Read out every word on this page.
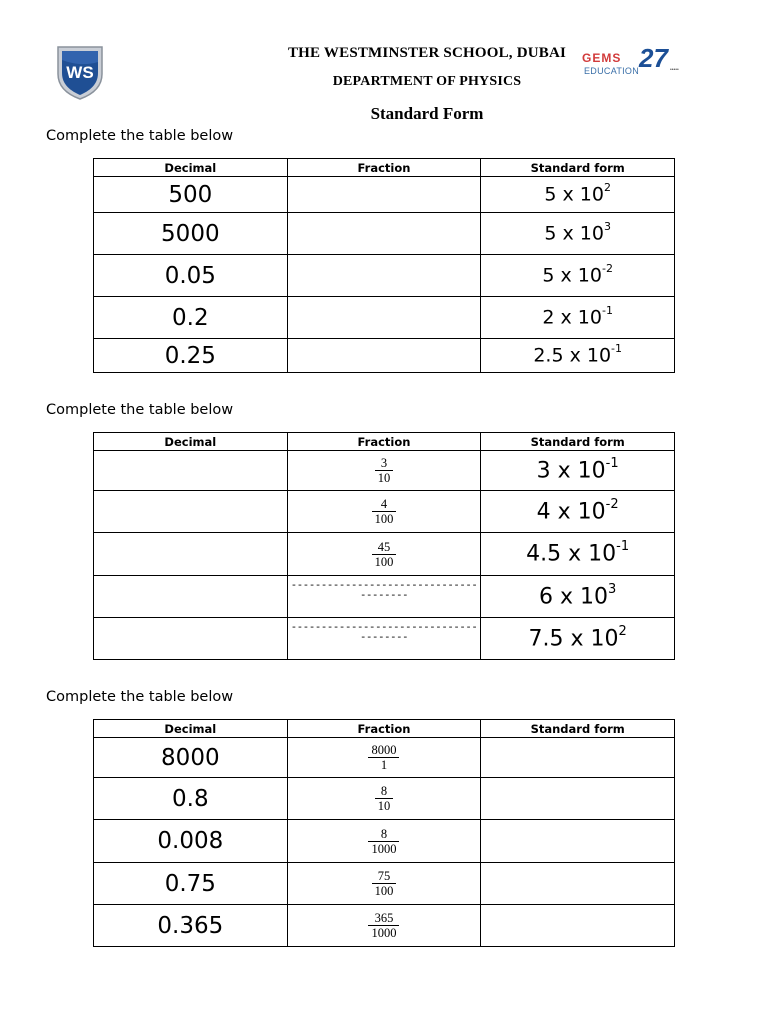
WS
THE WESTMINSTER SCHOOL, DUBAI
DEPARTMENT OF PHYSICS
Standard Form
GEMS
EDUCATION 27 •••••
Complete the table below
Decimal	Fraction	Standard form
500		5 x $10^2$
5000		5 x $10^3$
0.05		5 x $10^{-2}$
0.2		2 x $10^{-1}$
0.25		2.5 x $10^{-1}$
Complete the table below
Decimal	Fraction	Standard form

	$\frac{3}{10}$	3 x $10^{-1}$

	$\frac{4}{100}$	4 x $10^{-2}$

	$\frac{45}{100}$	4.5 x $10^{-1}$

	---------------------------------------	6 x $10^3$

	---------------------------------------	7.5 x $10^2$
Complete the table below
Decimal	Fraction	Standard form
8000	$\frac{8000}{1}$

0.8	$\frac{8}{10}$

0.008	$\frac{8}{1000}$

0.75	$\frac{75}{100}$

0.365	$\frac{365}{1000}$
